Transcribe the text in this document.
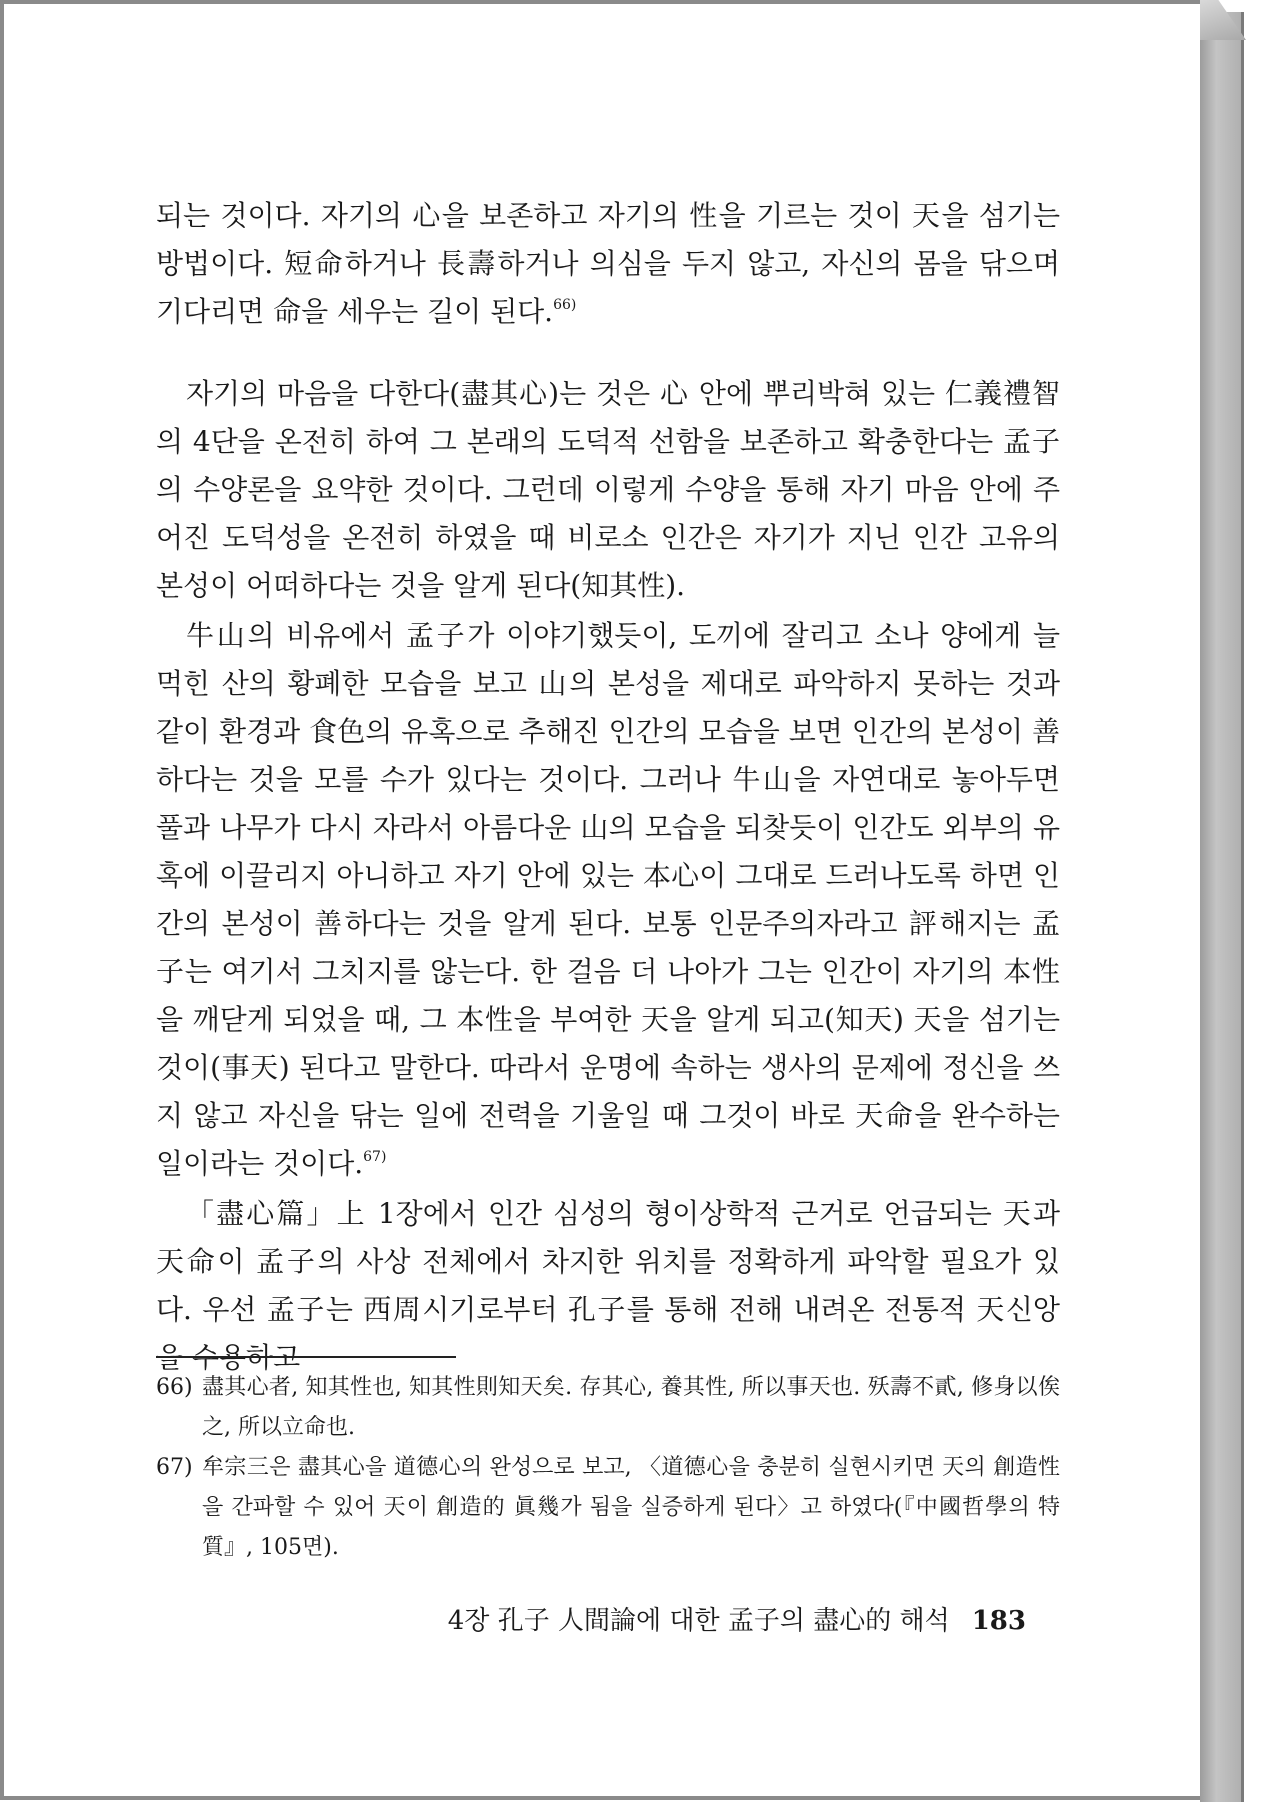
되는 것이다. 자기의 心을 보존하고 자기의 性을 기르는 것이 天을 섬기는 방법이다. 短命하거나 長壽하거나 의심을 두지 않고, 자신의 몸을 닦으며 기다리면 命을 세우는 길이 된다.$^{66)}$

자기의 마음을 다한다(盡其心)는 것은 心 안에 뿌리박혀 있는 仁義禮智의 4단을 온전히 하여 그 본래의 도덕적 선함을 보존하고 확충한다는 孟子의 수양론을 요약한 것이다. 그런데 이렇게 수양을 통해 자기 마음 안에 주어진 도덕성을 온전히 하였을 때 비로소 인간은 자기가 지닌 인간 고유의 본성이 어떠하다는 것을 알게 된다(知其性).

牛山의 비유에서 孟子가 이야기했듯이, 도끼에 잘리고 소나 양에게 늘 먹힌 산의 황폐한 모습을 보고 山의 본성을 제대로 파악하지 못하는 것과 같이 환경과 食色의 유혹으로 추해진 인간의 모습을 보면 인간의 본성이 善하다는 것을 모를 수가 있다는 것이다. 그러나 牛山을 자연대로 놓아두면 풀과 나무가 다시 자라서 아름다운 山의 모습을 되찾듯이 인간도 외부의 유혹에 이끌리지 아니하고 자기 안에 있는 本心이 그대로 드러나도록 하면 인간의 본성이 善하다는 것을 알게 된다. 보통 인문주의자라고 評해지는 孟子는 여기서 그치지를 않는다. 한 걸음 더 나아가 그는 인간이 자기의 本性을 깨닫게 되었을 때, 그 本性을 부여한 天을 알게 되고(知天) 天을 섬기는 것이(事天) 된다고 말한다. 따라서 운명에 속하는 생사의 문제에 정신을 쓰지 않고 자신을 닦는 일에 전력을 기울일 때 그것이 바로 天命을 완수하는 일이라는 것이다.$^{67)}$

「盡心篇」上 1장에서 인간 심성의 형이상학적 근거로 언급되는 天과 天命이 孟子의 사상 전체에서 차지한 위치를 정확하게 파악할 필요가 있다. 우선 孟子는 西周시기로부터 孔子를 통해 전해 내려온 전통적 天신앙을 수용하고

66) 盡其心者, 知其性也, 知其性則知天矣. 存其心, 養其性, 所以事天也. 殀壽不貳, 修身以俟之, 所以立命也.
67) 牟宗三은 盡其心을 道德心의 완성으로 보고, 〈道德心을 충분히 실현시키면 天의 創造性을 간파할 수 있어 天이 創造的 眞幾가 됨을 실증하게 된다〉고 하였다(『中國哲學의 特質』, 105면).
4장 孔子 人間論에 대한 孟子의 盡心的 해석 183
